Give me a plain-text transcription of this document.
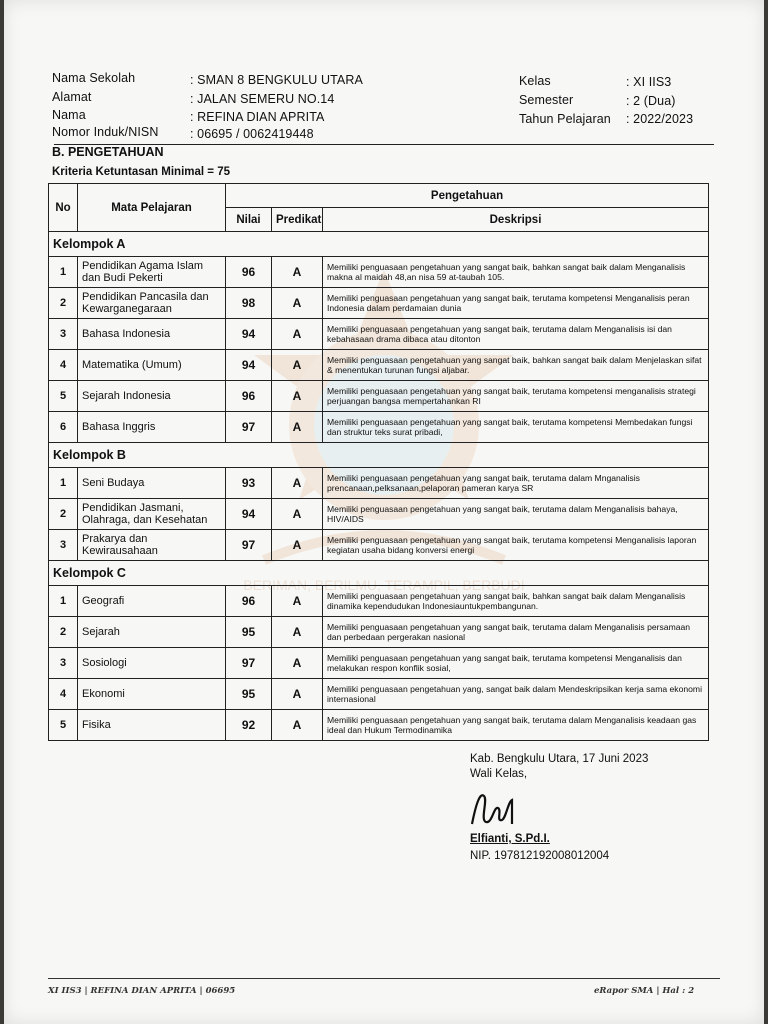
BERIMAN, BERILMU, TERAMPIL, BERBUDI
Nama Sekolah	: SMAN 8 BENGKULU UTARA
Alamat	: JALAN SEMERU NO.14
Nama	: REFINA DIAN APRITA
Nomor Induk/NISN	: 06695 / 0062419448
Kelas	: XI IIS3
Semester	: 2 (Dua)
Tahun Pelajaran : 2022/2023
B. PENGETAHUAN
Kriteria Ketuntasan Minimal = 75
No	Mata Pelajaran	Pengetahuan		
		Nilai	Predikat	Deskripsi
Kelompok A				
1	Pendidikan Agama Islam dan Budi Pekerti	96	A	Memiliki penguasaan pengetahuan yang sangat baik, bahkan sangat baik dalam Menganalisis makna al maidah 48,an nisa 59 at-taubah 105.
2	Pendidikan Pancasila dan Kewarganegaraan	98	A	Memiliki penguasaan pengetahuan yang sangat baik, terutama kompetensi Menganalisis peran Indonesia dalam perdamaian dunia
3	Bahasa Indonesia	94	A	Memiliki penguasaan pengetahuan yang sangat baik, terutama dalam Menganalisis isi dan kebahasaan drama dibaca atau ditonton
4	Matematika (Umum)	94	A	Memiliki penguasaan pengetahuan yang sangat baik, bahkan sangat baik dalam Menjelaskan sifat & menentukan turunan fungsi aljabar.
5	Sejarah Indonesia	96	A	Memiliki penguasaan pengetahuan yang sangat baik, terutama kompetensi menganalisis strategi perjuangan bangsa mempertahankan RI
6	Bahasa Inggris	97	A	Memiliki penguasaan pengetahuan yang sangat baik, terutama kompetensi Membedakan fungsi dan struktur teks surat pribadi,
Kelompok B				
1	Seni Budaya	93	A	Memiliki penguasaan pengetahuan yang sangat baik, terutama dalam Mnganalisis prencanaan,pelksanaan,pelaporan pameran karya SR
2	Pendidikan Jasmani, Olahraga, dan Kesehatan	94	A	Memiliki penguasaan pengetahuan yang sangat baik, terutama dalam Menganalisis bahaya, HIV/AIDS
3	Prakarya dan Kewirausahaan	97	A	Memiliki penguasaan pengetahuan yang sangat baik, terutama kompetensi Menganalisis laporan kegiatan usaha bidang konversi energi
Kelompok C				
1	Geografi	96	A	Memiliki penguasaan pengetahuan yang sangat baik, bahkan sangat baik dalam Menganalisis dinamika kependudukan Indonesiauntukpembangunan.
2	Sejarah	95	A	Memiliki penguasaan pengetahuan yang sangat baik, terutama dalam Menganalisis persamaan dan perbedaan pergerakan nasional
3	Sosiologi	97	A	Memiliki penguasaan pengetahuan yang sangat baik, terutama kompetensi Menganalisis dan melakukan respon konflik sosial,
4	Ekonomi	95	A	Memiliki penguasaan pengetahuan yang, sangat baik dalam Mendeskripsikan kerja sama ekonomi internasional
5	Fisika	92	A	Memiliki penguasaan pengetahuan yang sangat baik, terutama dalam Menganalisis keadaan gas ideal dan Hukum Termodinamika
Kab. Bengkulu Utara, 17 Juni 2023
Wali Kelas,
Elfianti, S.Pd.I.
NIP. 197812192008012004
XI IIS3 | REFINA DIAN APRITA | 06695	eRapor SMA | Hal : 2
